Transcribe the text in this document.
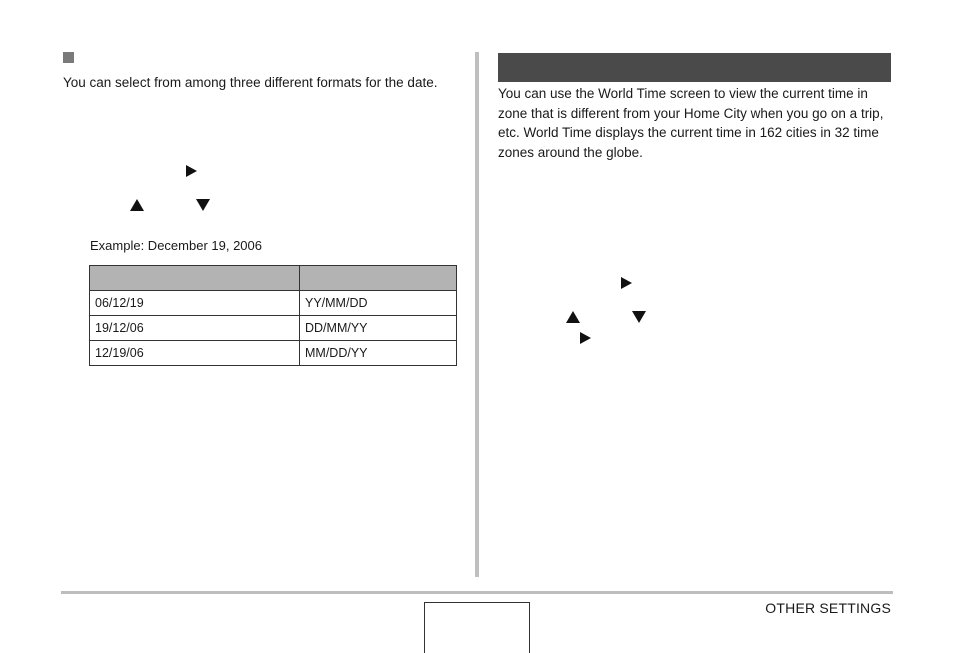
You can select from among three different formats for the date.
Example: December 19, 2006

06/12/19	YY/MM/DD
19/12/06	DD/MM/YY
12/19/06	MM/DD/YY
You can use the World Time screen to view the current time in
zone that is different from your Home City when you go on a trip,
etc. World Time displays the current time in 162 cities in 32 time
zones around the globe.
OTHER SETTINGS
